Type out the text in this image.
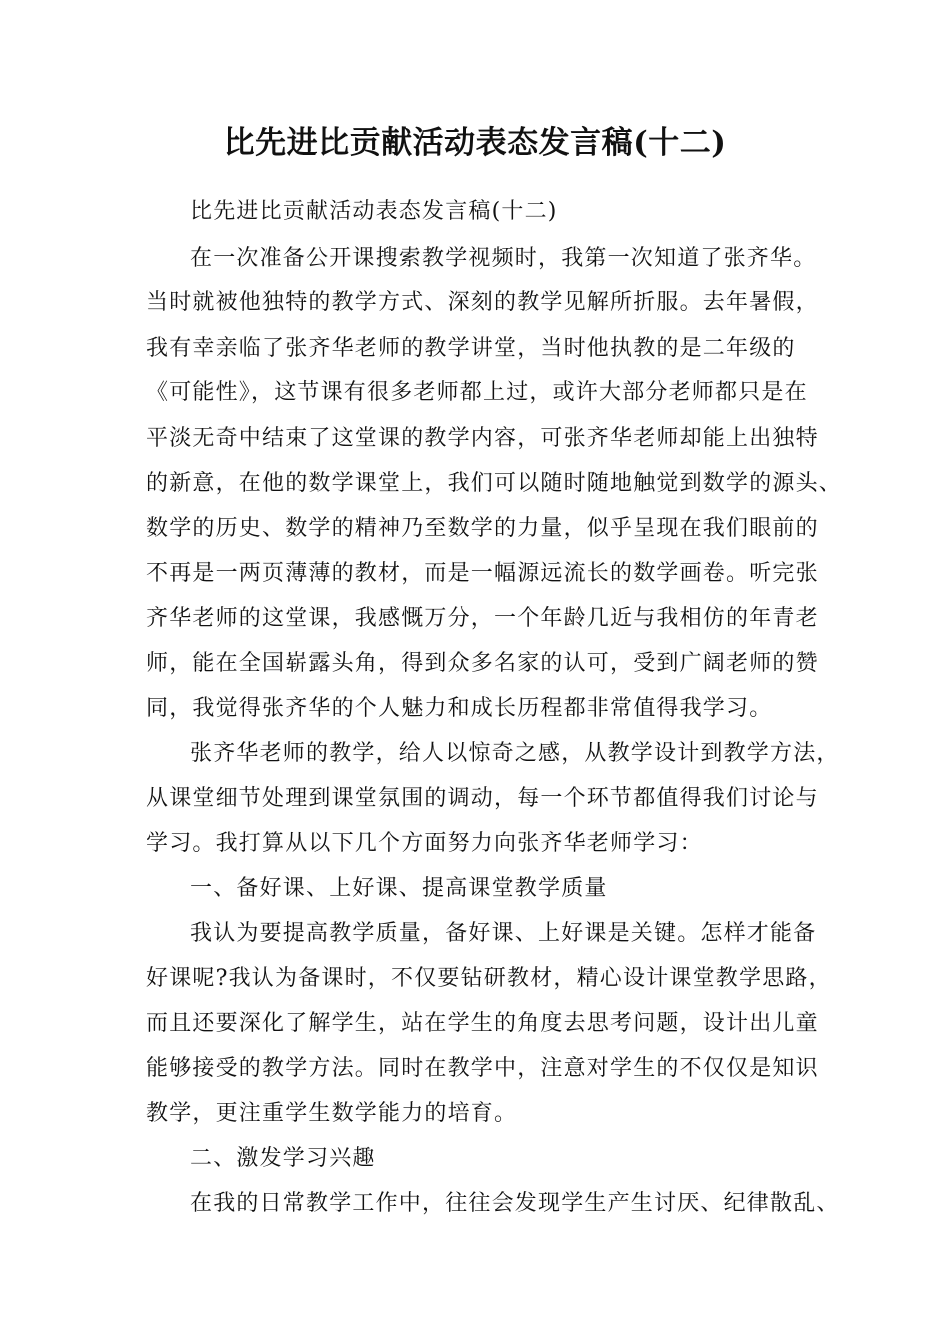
比先进比贡献活动表态发言稿(十二)
比先进比贡献活动表态发言稿(十二)
在一次准备公开课搜索教学视频时，我第一次知道了张齐华。
当时就被他独特的教学方式、深刻的教学见解所折服。去年暑假，
我有幸亲临了张齐华老师的教学讲堂，当时他执教的是二年级的
《可能性》，这节课有很多老师都上过，或许大部分老师都只是在
平淡无奇中结束了这堂课的教学内容，可张齐华老师却能上出独特
的新意，在他的数学课堂上，我们可以随时随地触觉到数学的源头、
数学的历史、数学的精神乃至数学的力量，似乎呈现在我们眼前的
不再是一两页薄薄的教材，而是一幅源远流长的数学画卷。听完张
齐华老师的这堂课，我感慨万分，一个年龄几近与我相仿的年青老
师，能在全国崭露头角，得到众多名家的认可，受到广阔老师的赞
同，我觉得张齐华的个人魅力和成长历程都非常值得我学习。
张齐华老师的教学，给人以惊奇之感，从教学设计到教学方法，
从课堂细节处理到课堂氛围的调动，每一个环节都值得我们讨论与
学习。我打算从以下几个方面努力向张齐华老师学习：
一、备好课、上好课、提高课堂教学质量
我认为要提高教学质量，备好课、上好课是关键。怎样才能备
好课呢?我认为备课时，不仅要钻研教材，精心设计课堂教学思路，
而且还要深化了解学生，站在学生的角度去思考问题，设计出儿童
能够接受的教学方法。同时在教学中，注意对学生的不仅仅是知识
教学，更注重学生数学能力的培育。
二、激发学习兴趣
在我的日常教学工作中，往往会发现学生产生讨厌、纪律散乱、
